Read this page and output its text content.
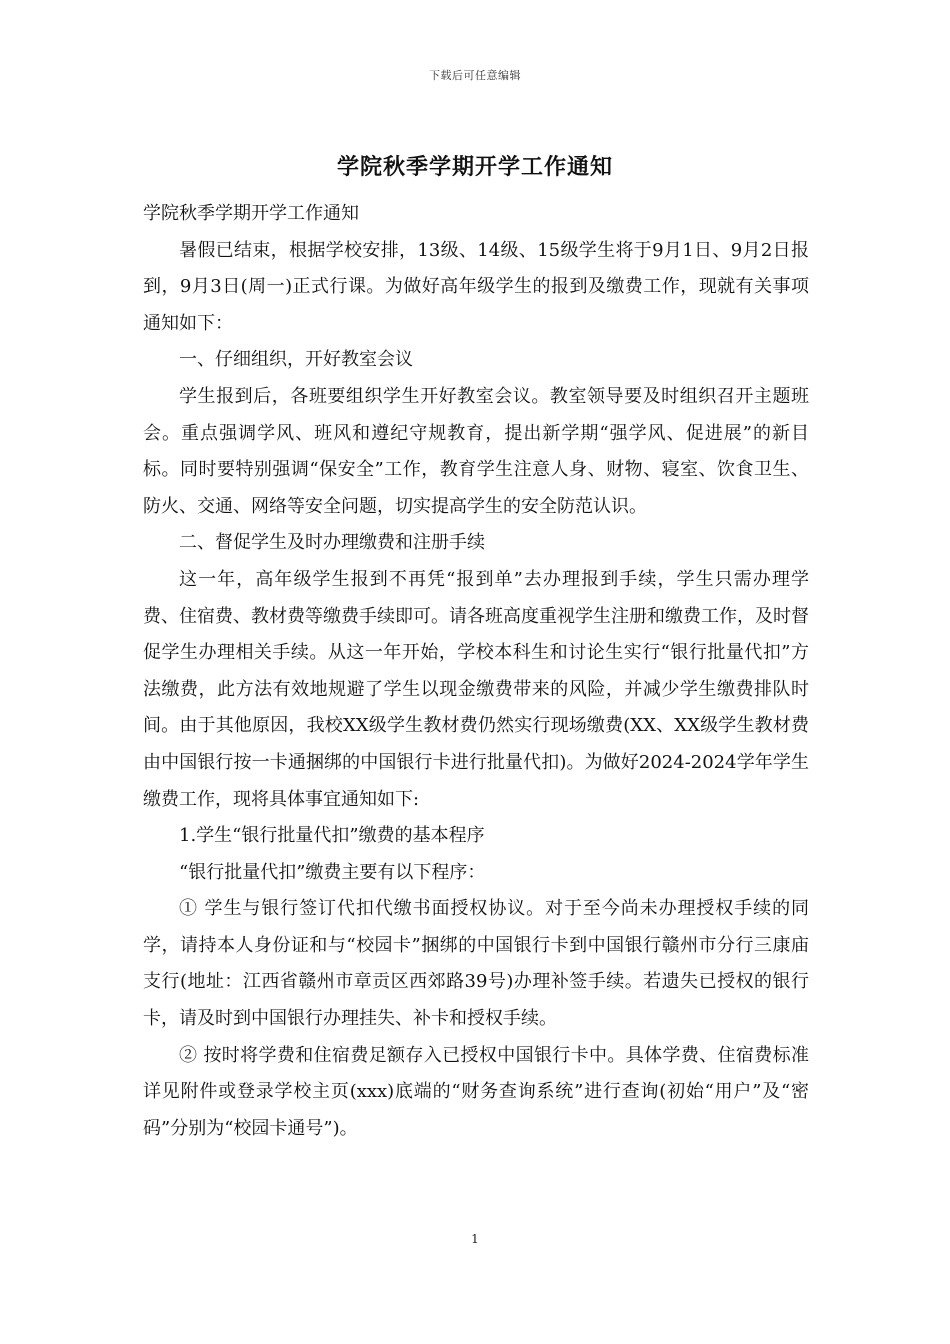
下载后可任意编辑
学院秋季学期开学工作通知

学院秋季学期开学工作通知

暑假已结束，根据学校安排，13级、14级、15级学生将于9月1日、9月2日报到，9月3日(周一)正式行课。为做好高年级学生的报到及缴费工作，现就有关事项通知如下：

一、仔细组织，开好教室会议

学生报到后，各班要组织学生开好教室会议。教室领导要及时组织召开主题班会。重点强调学风、班风和遵纪守规教育，提出新学期“强学风、促进展”的新目标。同时要特别强调“保安全”工作，教育学生注意人身、财物、寝室、饮食卫生、防火、交通、网络等安全问题，切实提高学生的安全防范认识。

二、督促学生及时办理缴费和注册手续

这一年，高年级学生报到不再凭“报到单”去办理报到手续，学生只需办理学费、住宿费、教材费等缴费手续即可。请各班高度重视学生注册和缴费工作，及时督促学生办理相关手续。从这一年开始，学校本科生和讨论生实行“银行批量代扣”方法缴费，此方法有效地规避了学生以现金缴费带来的风险，并减少学生缴费排队时间。由于其他原因，我校XX级学生教材费仍然实行现场缴费(XX、XX级学生教材费由中国银行按一卡通捆绑的中国银行卡进行批量代扣)。为做好2024-2024学年学生缴费工作，现将具体事宜通知如下:

1.学生“银行批量代扣”缴费的基本程序

“银行批量代扣”缴费主要有以下程序：

① 学生与银行签订代扣代缴书面授权协议。对于至今尚未办理授权手续的同学，请持本人身份证和与“校园卡”捆绑的中国银行卡到中国银行赣州市分行三康庙支行(地址：江西省赣州市章贡区西郊路39号)办理补签手续。若遗失已授权的银行卡，请及时到中国银行办理挂失、补卡和授权手续。

② 按时将学费和住宿费足额存入已授权中国银行卡中。具体学费、住宿费标准详见附件或登录学校主页(xxx)底端的“财务查询系统”进行查询(初始“用户”及“密码”分别为“校园卡通号”)。

1
